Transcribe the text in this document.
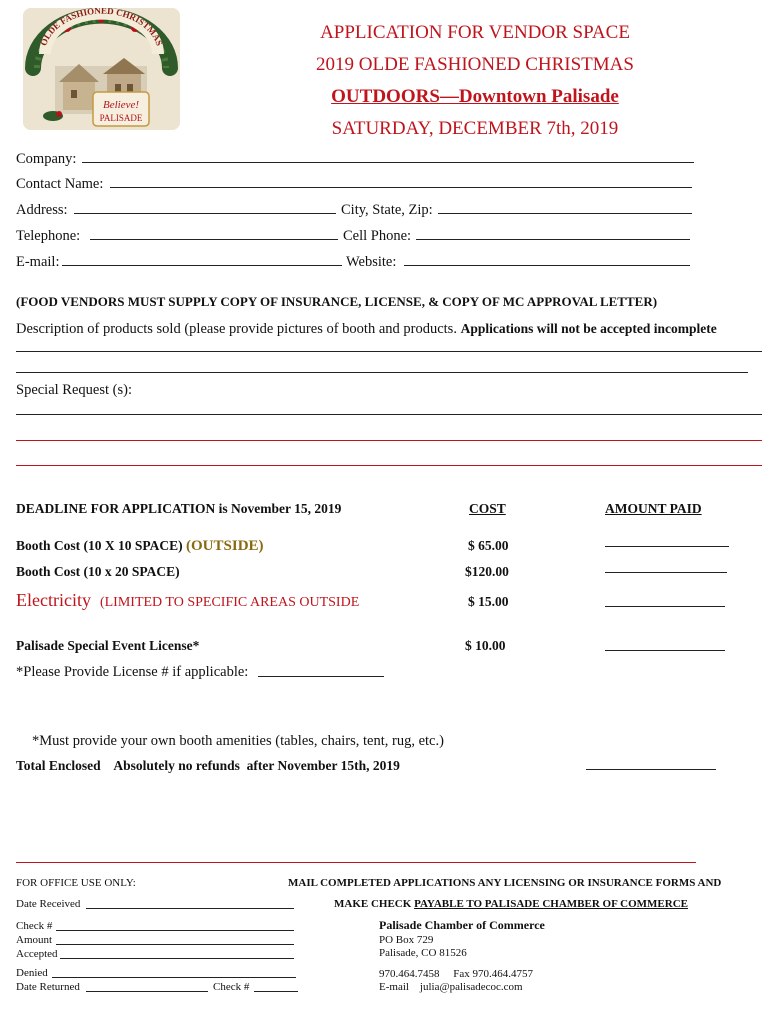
OLDE FASHIONED CHRISTMAS
Believe!
PALISADE
APPLICATION FOR VENDOR SPACE
2019 OLDE FASHIONED CHRISTMAS
OUTDOORS—Downtown Palisade
SATURDAY, DECEMBER 7th, 2019
Company:
Contact Name:
Address:	City, State, Zip:
Telephone:	Cell Phone:
E-mail:	Website:
(FOOD VENDORS MUST SUPPLY COPY OF INSURANCE, LICENSE, & COPY OF MC APPROVAL LETTER)
Description of products sold (please provide pictures of booth and products. Applications will not be accepted incomplete
Special Request (s):
DEADLINE FOR APPLICATION is November 15, 2019	COST	AMOUNT PAID
Booth Cost (10 X 10 SPACE) (OUTSIDE)	$ 65.00
Booth Cost (10 x 20 SPACE)	$120.00
Electricity (LIMITED TO SPECIFIC AREAS OUTSIDE	$ 15.00
Palisade Special Event License*	$ 10.00
*Please Provide License # if applicable:
*Must provide your own booth amenities (tables, chairs, tent, rug, etc.)
Total Enclosed    Absolutely no refunds  after November 15th, 2019
FOR OFFICE USE ONLY:
Date Received
Check #
Amount
Accepted
Denied
Date Returned	Check #
MAIL COMPLETED APPLICATIONS ANY LICENSING OR INSURANCE FORMS AND
MAKE CHECK PAYABLE TO PALISADE CHAMBER OF COMMERCE
Palisade Chamber of Commerce
PO Box 729
Palisade, CO 81526
970.464.7458     Fax 970.464.4757
E-mail    julia@palisadecoc.com
